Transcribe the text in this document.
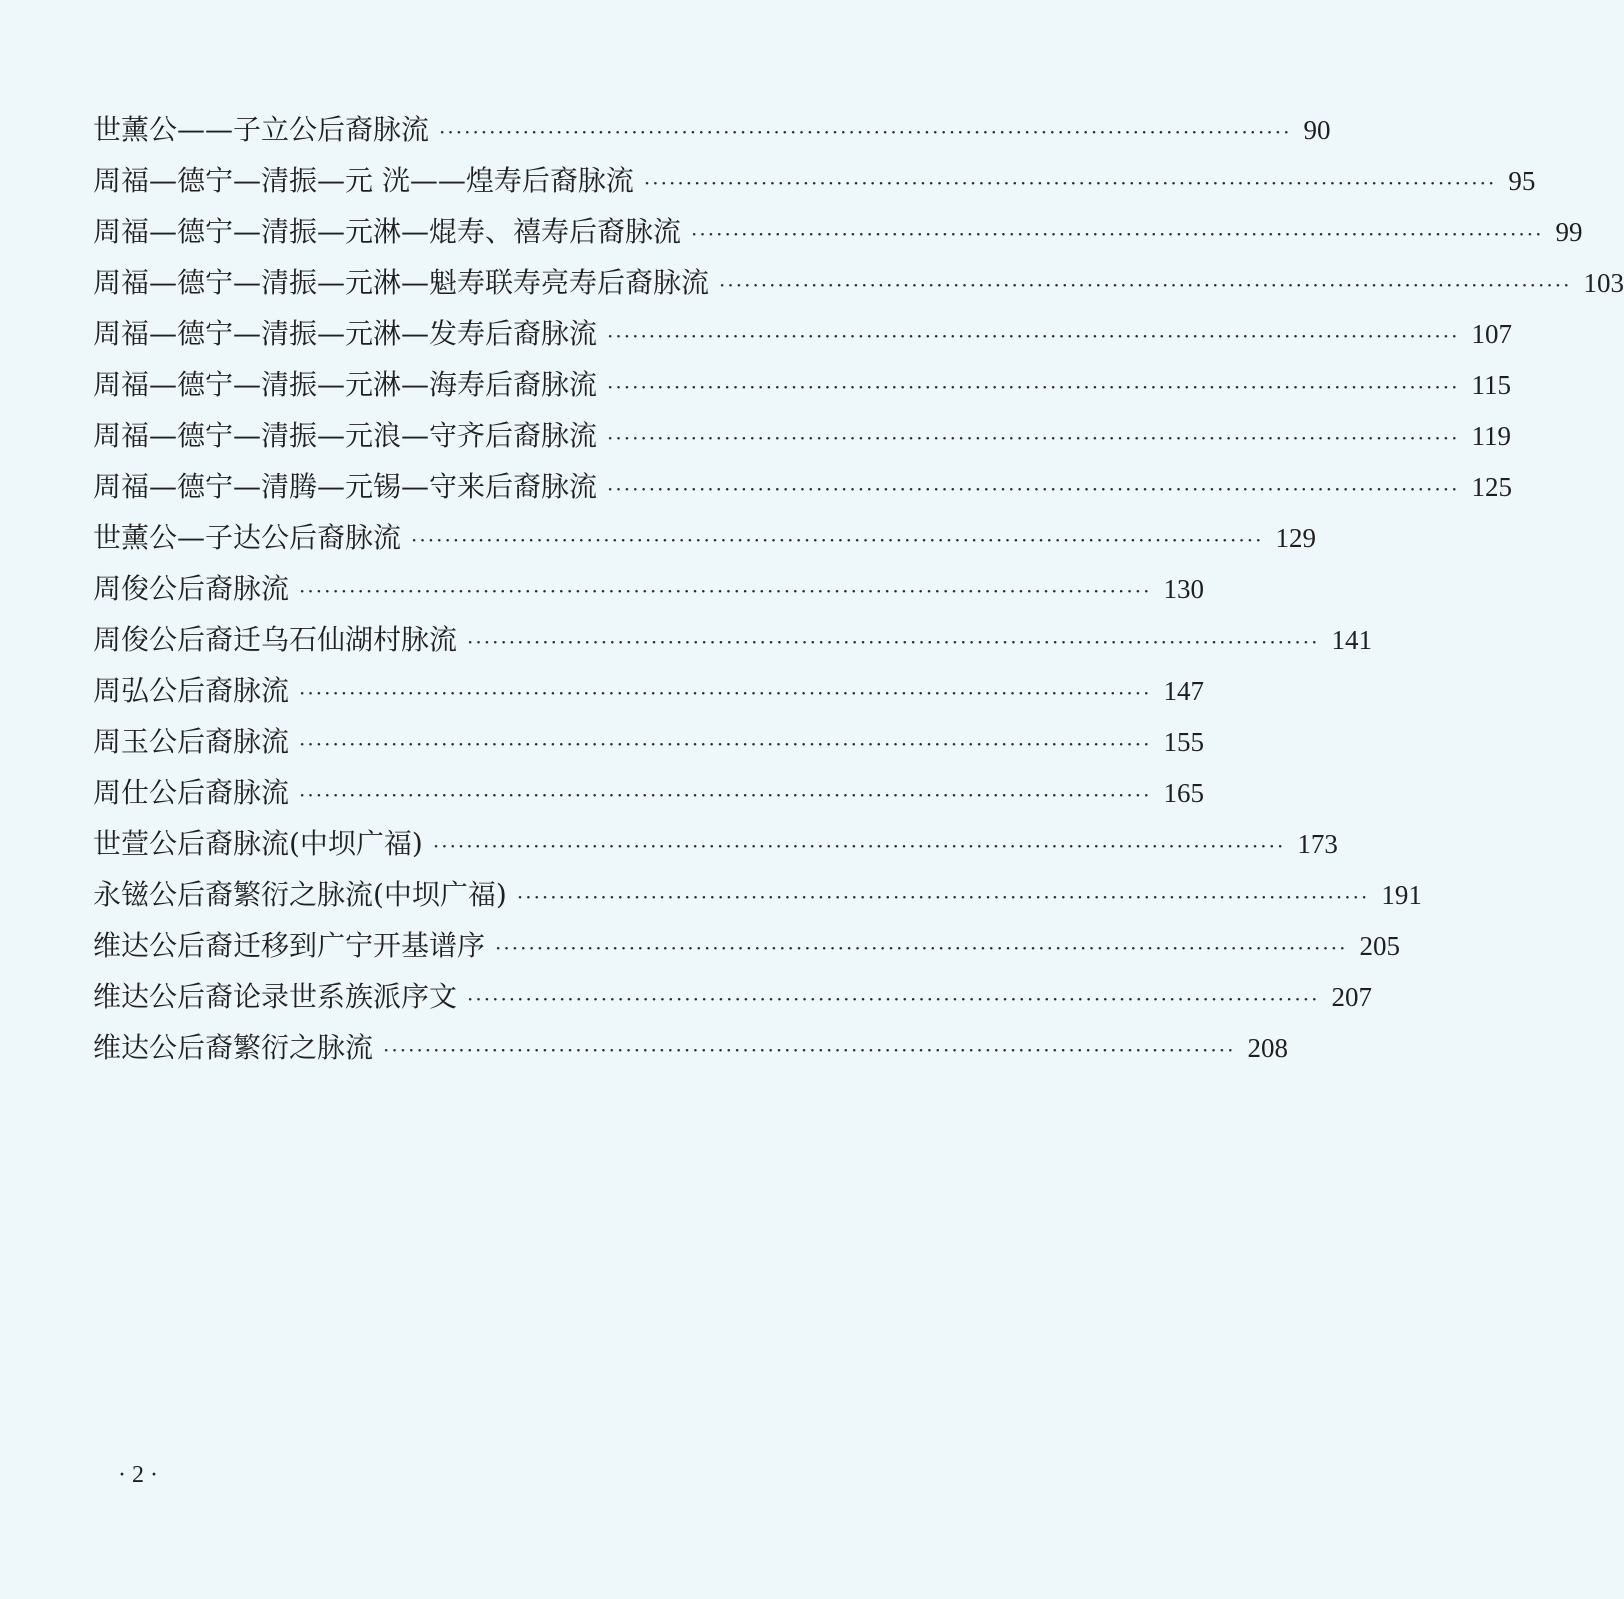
世薰公——子立公后裔脉流 ······································································································ 90
周福—德宁—清振—元 洸——煌寿后裔脉流 ······································································································ 95
周福—德宁—清振—元淋—焜寿、禧寿后裔脉流 ······································································································ 99
周福—德宁—清振—元淋—魁寿联寿亮寿后裔脉流 ······································································································ 103
周福—德宁—清振—元淋—发寿后裔脉流 ······································································································ 107
周福—德宁—清振—元淋—海寿后裔脉流 ······································································································ 115
周福—德宁—清振—元浪—守齐后裔脉流 ······································································································ 119
周福—德宁—清腾—元锡—守来后裔脉流 ······································································································ 125
世薰公—子达公后裔脉流 ······································································································ 129
周俊公后裔脉流 ······································································································ 130
周俊公后裔迁乌石仙湖村脉流 ······································································································ 141
周弘公后裔脉流 ······································································································ 147
周玉公后裔脉流 ······································································································ 155
周仕公后裔脉流 ······································································································ 165
世萱公后裔脉流(中坝广福) ······································································································ 173
永镃公后裔繁衍之脉流(中坝广福) ······································································································ 191
维达公后裔迁移到广宁开基谱序 ······································································································ 205
维达公后裔论录世系族派序文 ······································································································ 207
维达公后裔繁衍之脉流 ······································································································ 208
·2·
